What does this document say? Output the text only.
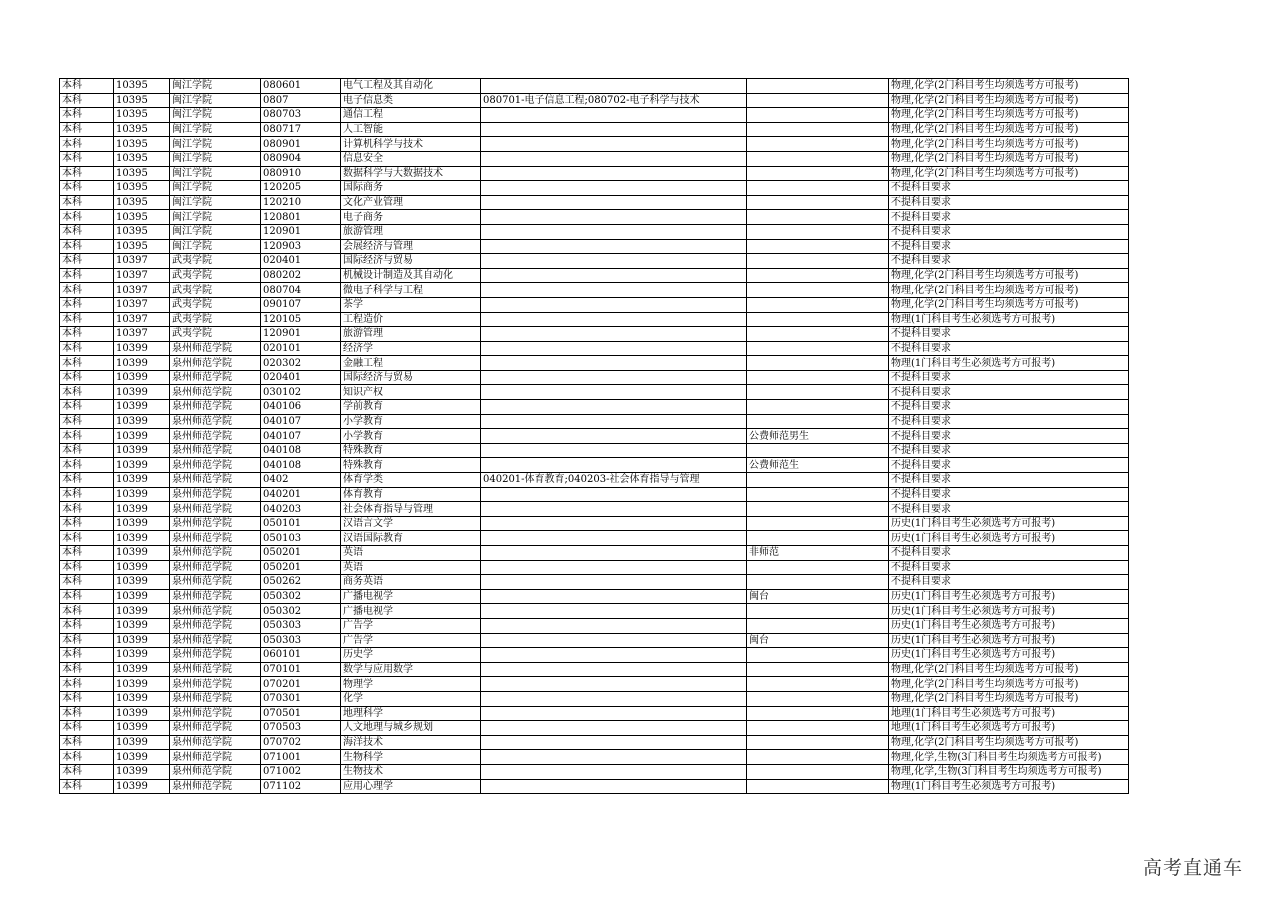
本科	10395	闽江学院	080601	电气工程及其自动化			物理,化学(2门科目考生均须选考方可报考)
本科	10395	闽江学院	0807	电子信息类	080701-电子信息工程;080702-电子科学与技术		物理,化学(2门科目考生均须选考方可报考)
本科	10395	闽江学院	080703	通信工程			物理,化学(2门科目考生均须选考方可报考)
本科	10395	闽江学院	080717	人工智能			物理,化学(2门科目考生均须选考方可报考)
本科	10395	闽江学院	080901	计算机科学与技术			物理,化学(2门科目考生均须选考方可报考)
本科	10395	闽江学院	080904	信息安全			物理,化学(2门科目考生均须选考方可报考)
本科	10395	闽江学院	080910	数据科学与大数据技术			物理,化学(2门科目考生均须选考方可报考)
本科	10395	闽江学院	120205	国际商务			不提科目要求
本科	10395	闽江学院	120210	文化产业管理			不提科目要求
本科	10395	闽江学院	120801	电子商务			不提科目要求
本科	10395	闽江学院	120901	旅游管理			不提科目要求
本科	10395	闽江学院	120903	会展经济与管理			不提科目要求
本科	10397	武夷学院	020401	国际经济与贸易			不提科目要求
本科	10397	武夷学院	080202	机械设计制造及其自动化			物理,化学(2门科目考生均须选考方可报考)
本科	10397	武夷学院	080704	微电子科学与工程			物理,化学(2门科目考生均须选考方可报考)
本科	10397	武夷学院	090107	茶学			物理,化学(2门科目考生均须选考方可报考)
本科	10397	武夷学院	120105	工程造价			物理(1门科目考生必须选考方可报考)
本科	10397	武夷学院	120901	旅游管理			不提科目要求
本科	10399	泉州师范学院	020101	经济学			不提科目要求
本科	10399	泉州师范学院	020302	金融工程			物理(1门科目考生必须选考方可报考)
本科	10399	泉州师范学院	020401	国际经济与贸易			不提科目要求
本科	10399	泉州师范学院	030102	知识产权			不提科目要求
本科	10399	泉州师范学院	040106	学前教育			不提科目要求
本科	10399	泉州师范学院	040107	小学教育			不提科目要求
本科	10399	泉州师范学院	040107	小学教育		公费师范男生	不提科目要求
本科	10399	泉州师范学院	040108	特殊教育			不提科目要求
本科	10399	泉州师范学院	040108	特殊教育		公费师范生	不提科目要求
本科	10399	泉州师范学院	0402	体育学类	040201-体育教育;040203-社会体育指导与管理		不提科目要求
本科	10399	泉州师范学院	040201	体育教育			不提科目要求
本科	10399	泉州师范学院	040203	社会体育指导与管理			不提科目要求
本科	10399	泉州师范学院	050101	汉语言文学			历史(1门科目考生必须选考方可报考)
本科	10399	泉州师范学院	050103	汉语国际教育			历史(1门科目考生必须选考方可报考)
本科	10399	泉州师范学院	050201	英语		非师范	不提科目要求
本科	10399	泉州师范学院	050201	英语			不提科目要求
本科	10399	泉州师范学院	050262	商务英语			不提科目要求
本科	10399	泉州师范学院	050302	广播电视学		闽台	历史(1门科目考生必须选考方可报考)
本科	10399	泉州师范学院	050302	广播电视学			历史(1门科目考生必须选考方可报考)
本科	10399	泉州师范学院	050303	广告学			历史(1门科目考生必须选考方可报考)
本科	10399	泉州师范学院	050303	广告学		闽台	历史(1门科目考生必须选考方可报考)
本科	10399	泉州师范学院	060101	历史学			历史(1门科目考生必须选考方可报考)
本科	10399	泉州师范学院	070101	数学与应用数学			物理,化学(2门科目考生均须选考方可报考)
本科	10399	泉州师范学院	070201	物理学			物理,化学(2门科目考生均须选考方可报考)
本科	10399	泉州师范学院	070301	化学			物理,化学(2门科目考生均须选考方可报考)
本科	10399	泉州师范学院	070501	地理科学			地理(1门科目考生必须选考方可报考)
本科	10399	泉州师范学院	070503	人文地理与城乡规划			地理(1门科目考生必须选考方可报考)
本科	10399	泉州师范学院	070702	海洋技术			物理,化学(2门科目考生均须选考方可报考)
本科	10399	泉州师范学院	071001	生物科学			物理,化学,生物(3门科目考生均须选考方可报考)
本科	10399	泉州师范学院	071002	生物技术			物理,化学,生物(3门科目考生均须选考方可报考)
本科	10399	泉州师范学院	071102	应用心理学			物理(1门科目考生必须选考方可报考)
高考直通车
